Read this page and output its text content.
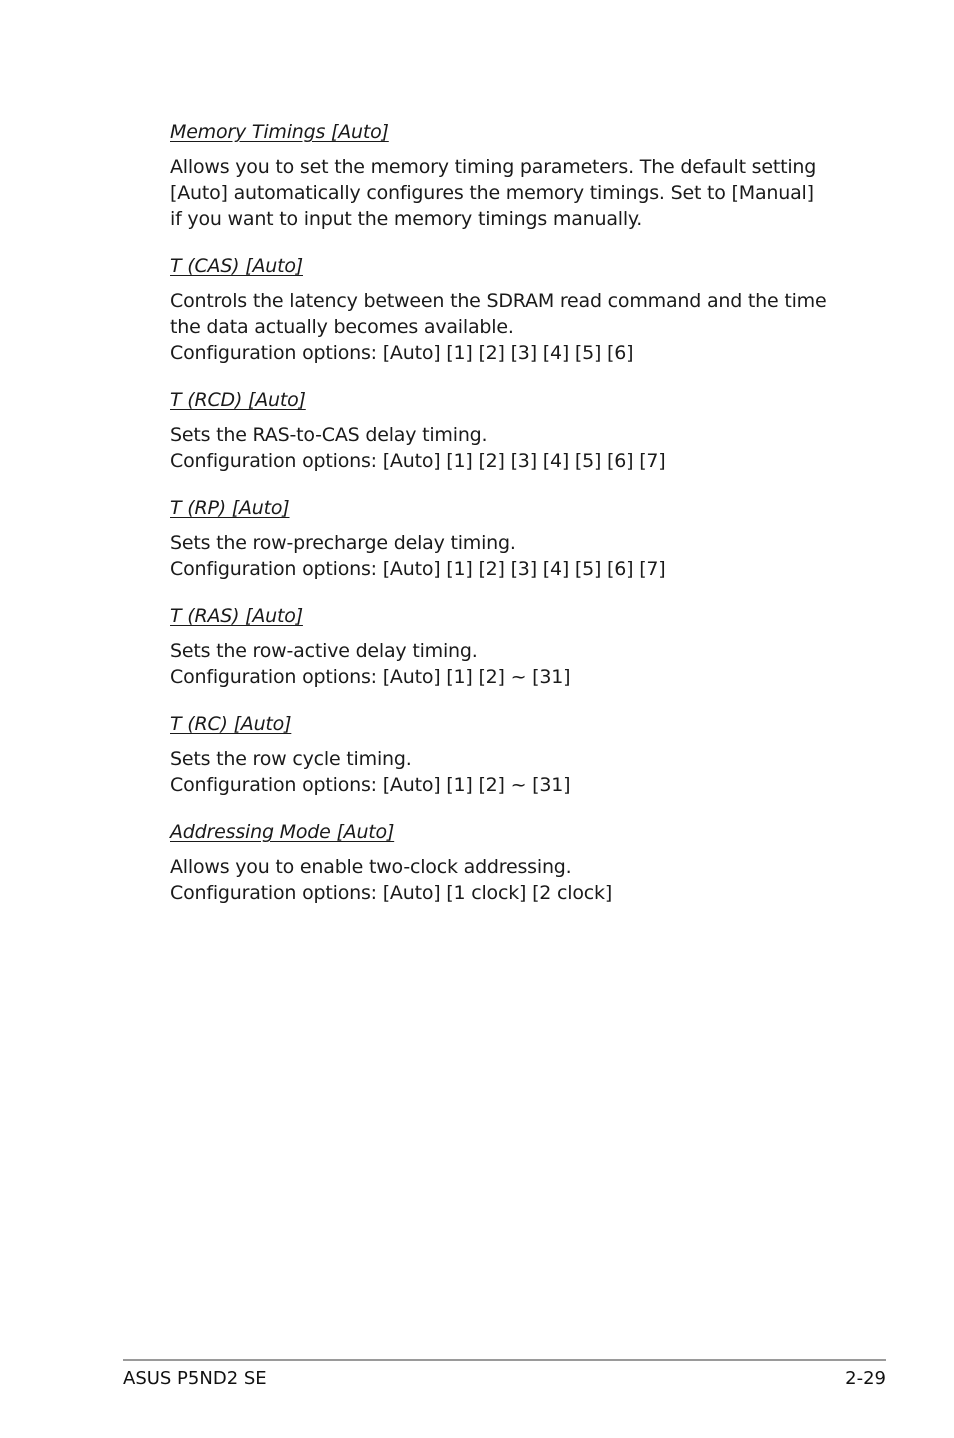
Memory Timings [Auto]

Allows you to set the memory timing parameters. The default setting

[Auto] automatically configures the memory timings. Set to [Manual]

if you want to input the memory timings manually.

T (CAS) [Auto]

Controls the latency between the SDRAM read command and the time

the data actually becomes available.

Configuration options: [Auto] [1] [2] [3] [4] [5] [6]

T (RCD) [Auto]

Sets the RAS-to-CAS delay timing.

Configuration options: [Auto] [1] [2] [3] [4] [5] [6] [7]

T (RP) [Auto]

Sets the row-precharge delay timing.

Configuration options: [Auto] [1] [2] [3] [4] [5] [6] [7]

T (RAS) [Auto]

Sets the row-active delay timing.

Configuration options: [Auto] [1] [2] ~ [31]

T (RC) [Auto]

Sets the row cycle timing.

Configuration options: [Auto] [1] [2] ~ [31]

Addressing Mode [Auto]

Allows you to enable two-clock addressing.

Configuration options: [Auto] [1 clock] [2 clock]

ASUS P5ND2 SE	2-29
